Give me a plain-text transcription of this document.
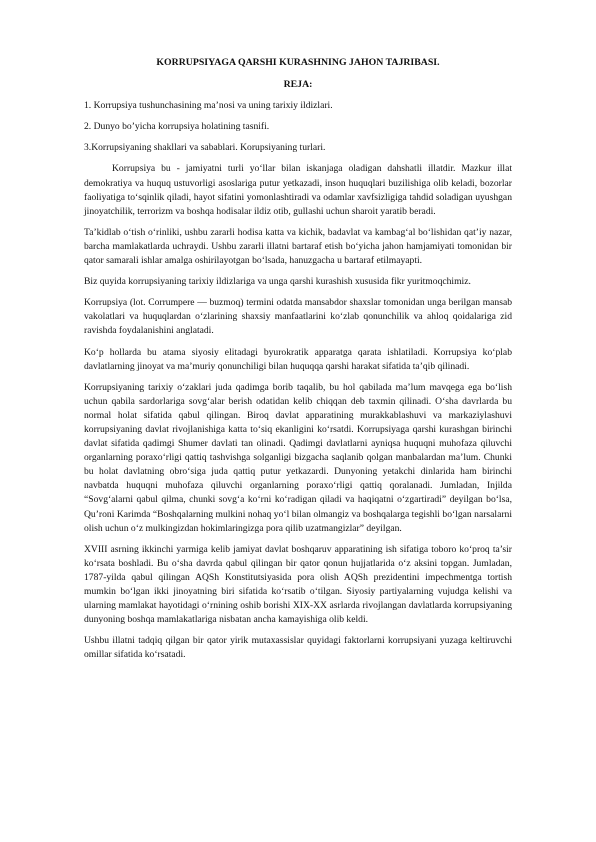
KORRUPSIYAGA QARSHI KURASHNING JAHON TAJRIBASI.
REJA:
1. Korrupsiya tushunchasining ma’nosi va uning tarixiy ildizlari.
2. Dunyo bo’yicha korrupsiya holatining tasnifi.
3.Korrupsiyaning shakllari va sabablari. Korupsiyaning turlari.

Korrupsiya bu - jamiyatni turli yo‘llar bilan iskanjaga oladigan dahshatli illatdir. Mazkur illat demokratiya va huquq ustuvorligi asoslariga putur yetkazadi, inson huquqlari buzilishiga olib keladi, bozorlar faoliyatiga to‘sqinlik qiladi, hayot sifatini yomonlashtiradi va odamlar xavfsizligiga tahdid soladigan uyushgan jinoyatchilik, terrorizm va boshqa hodisalar ildiz otib, gullashi uchun sharoit yaratib beradi.

Ta’kidlab o‘tish o‘rinliki, ushbu zararli hodisa katta va kichik, badavlat va kambag‘al bo‘lishidan qat’iy nazar, barcha mamlakatlarda uchraydi. Ushbu zararli illatni bartaraf etish bo‘yicha jahon hamjamiyati tomonidan bir qator samarali ishlar amalga oshirilayotgan bo‘lsada, hanuzgacha u bartaraf etilmayapti.

Biz quyida korrupsiyaning tarixiy ildizlariga va unga qarshi kurashish xususida fikr yuritmoqchimiz.

Korrupsiya (lot. Corrumpere — buzmoq) termini odatda mansabdor shaxslar tomonidan unga berilgan mansab vakolatlari va huquqlardan o‘zlarining shaxsiy manfaatlarini ko‘zlab qonunchilik va ahloq qoidalariga zid ravishda foydalanishini anglatadi.

Ko‘p hollarda bu atama siyosiy elitadagi byurokratik apparatga qarata ishlatiladi. Korrupsiya ko‘plab davlatlarning jinoyat va ma’muriy qonunchiligi bilan huquqqa qarshi harakat sifatida ta’qib qilinadi.

Korrupsiyaning tarixiy o‘zaklari juda qadimga borib taqalib, bu hol qabilada ma’lum mavqega ega bo‘lish uchun qabila sardorlariga sovg‘alar berish odatidan kelib chiqqan deb taxmin qilinadi. O‘sha davrlarda bu normal holat sifatida qabul qilingan. Biroq davlat apparatining murakkablashuvi va markaziylashuvi korrupsiyaning davlat rivojlanishiga katta to‘siq ekanligini ko‘rsatdi. Korrupsiyaga qarshi kurashgan birinchi davlat sifatida qadimgi Shumer davlati tan olinadi. Qadimgi davlatlarni ayniqsa huquqni muhofaza qiluvchi organlarning poraxo‘rligi qattiq tashvishga solganligi bizgacha saqlanib qolgan manbalardan ma’lum. Chunki bu holat davlatning obro‘siga juda qattiq putur yetkazardi. Dunyoning yetakchi dinlarida ham birinchi navbatda huquqni muhofaza qiluvchi organlarning poraxo‘rligi qattiq qoralanadi. Jumladan, Injilda “Sovg‘alarni qabul qilma, chunki sovg‘a ko‘rni ko‘radigan qiladi va haqiqatni o‘zgartiradi” deyilgan bo‘lsa, Qu’roni Karimda “Boshqalarning mulkini nohaq yo‘l bilan olmangiz va boshqalarga tegishli bo‘lgan narsalarni olish uchun o‘z mulkingizdan hokimlaringizga pora qilib uzatmangizlar” deyilgan.

XVIII asrning ikkinchi yarmiga kelib jamiyat davlat boshqaruv apparatining ish sifatiga toboro ko‘proq ta’sir ko‘rsata boshladi. Bu o‘sha davrda qabul qilingan bir qator qonun hujjatlarida o‘z aksini topgan. Jumladan, 1787-yilda qabul qilingan AQSh Konstitutsiyasida pora olish AQSh prezidentini impechmentga tortish mumkin bo‘lgan ikki jinoyatning biri sifatida ko‘rsatib o‘tilgan. Siyosiy partiyalarning vujudga kelishi va ularning mamlakat hayotidagi o‘rnining oshib borishi XIX-XX asrlarda rivojlangan davlatlarda korrupsiyaning dunyoning boshqa mamlakatlariga nisbatan ancha kamayishiga olib keldi.

Ushbu illatni tadqiq qilgan bir qator yirik mutaxassislar quyidagi faktorlarni korrupsiyani yuzaga keltiruvchi omillar sifatida ko‘rsatadi.
